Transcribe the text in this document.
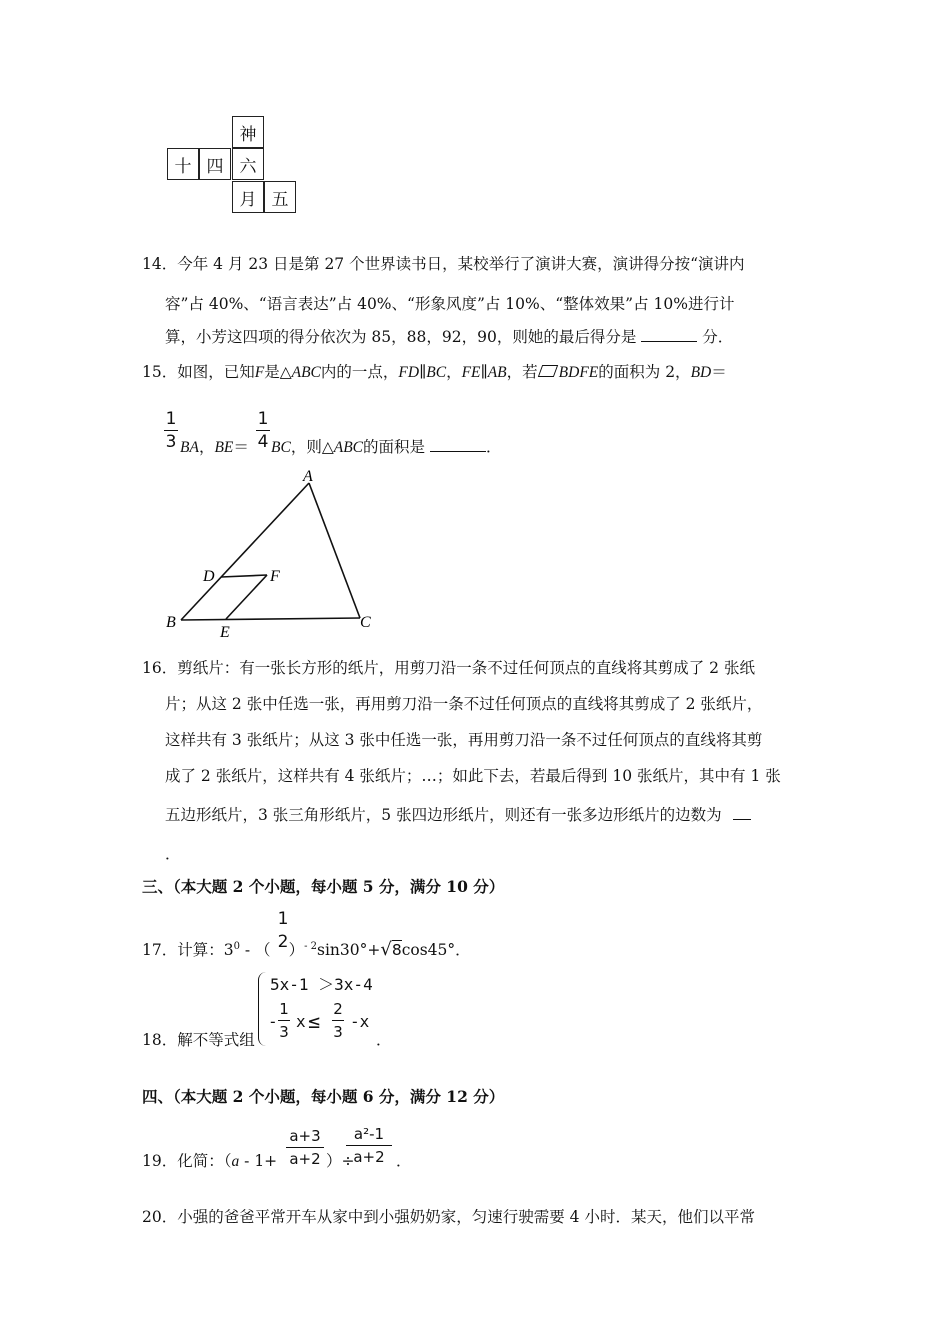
神
十 四 六
月 五
14．今年 4 月 23 日是第 27 个世界读书日，某校举行了演讲大赛，演讲得分按“演讲内
容”占 40%、“语言表达”占 40%、“形象风度”占 10%、“整体效果”占 10%进行计
算，小芳这四项的得分依次为 85，88，92，90，则她的最后得分是	分．
15．如图，已知F是△ABC内的一点，FD∥BC，FE∥AB，若 BDFE的面积为 2，BD＝
1
3
1
4
BA，BE＝ BC，则△ABC的面积是	．
A
B	C
D
E
F
16．剪纸片：有一张长方形的纸片，用剪刀沿一条不过任何顶点的直线将其剪成了 2 张纸
片；从这 2 张中任选一张，再用剪刀沿一条不过任何顶点的直线将其剪成了 2 张纸片，
这样共有 3 张纸片；从这 3 张中任选一张，再用剪刀沿一条不过任何顶点的直线将其剪
成了 2 张纸片，这样共有 4 张纸片；…；如此下去，若最后得到 10 张纸片，其中有 1 张
五边形纸片，3 张三角形纸片，5 张四边形纸片，则还有一张多边形纸片的边数为
．
三、（本大题 2 个小题，每小题 5 分，满分 10 分）
1
2
17．计算：$3^0$ - （ ）$^{- 2}$sin30°+√8cos45°．
18．解不等式组
5x-1 ＞3x-4
-
1
3
x ≤ 2
3
-x
．
四、（本大题 2 个小题，每小题 6 分，满分 12 分）
19．化简：（a - 1+
a+3
a+2 ）÷
a²-1
a+2 ．
20．小强的爸爸平常开车从家中到小强奶奶家，匀速行驶需要 4 小时．某天，他们以平常
